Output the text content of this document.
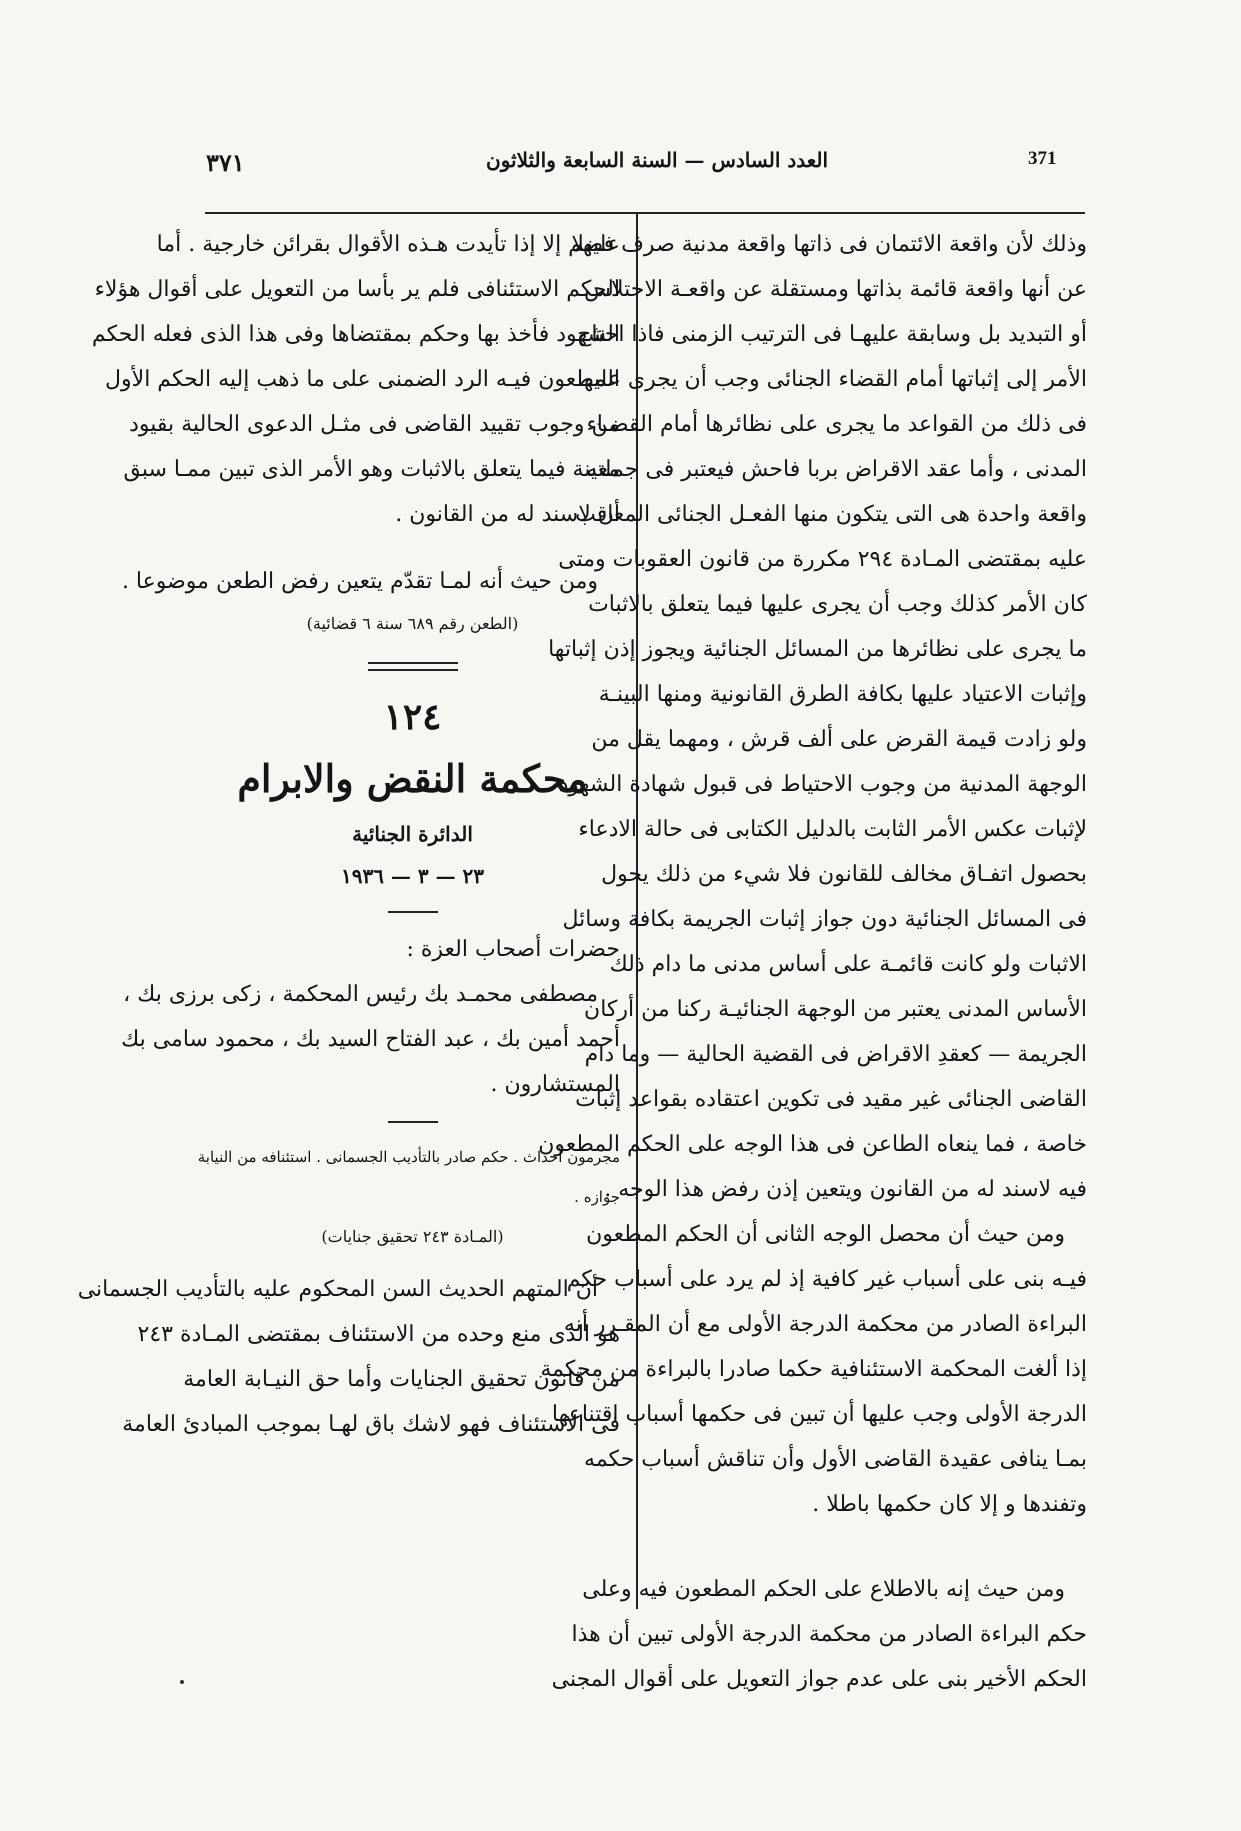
371
العدد السادس — السنة السابعة والثلاثون
٣٧١
وذلك لأن واقعة الائتمان فى ذاتها واقعة مدنية صرف فضلا
عن أنها واقعة قائمة بذاتها ومستقلة عن واقعـة الاختلاس
أو التبديد بل وسابقة عليهـا فى الترتيب الزمنى فاذا احتاج
الأمر إلى إثباتها أمام القضاء الجنائى وجب أن يجرى عليها
فى ذلك من القواعد ما يجرى على نظائرها أمام القضـاء
المدنى ، وأما عقد الاقراض بربا فاحش فيعتبر فى جملته
واقعة واحدة هى التى يتكون منها الفعـل الجنائى المعاقب
عليه بمقتضى المـادة ٢٩٤ مكررة من قانون العقوبات ومتى
كان الأمر كذلك وجب أن يجرى عليها فيما يتعلق بالاثبات
ما يجرى على نظائرها من المسائل الجنائية ويجوز إذن إثباتها
وإثبات الاعتياد عليها بكافة الطرق القانونية ومنها البينـة
ولو زادت قيمة القرض على ألف قرش ، ومهما يقل من
الوجهة المدنية من وجوب الاحتياط فى قبول شهادة الشهود
لإثبات عكس الأمر الثابت بالدليل الكتابى فى حالة الادعاء
بحصول اتفـاق مخالف للقانون فلا شيء من ذلك يحول
فى المسائل الجنائية دون جواز إثبات الجريمة بكافة وسائل
الاثبات ولو كانت قائمـة على أساس مدنى ما دام ذلك
الأساس المدنى يعتبر من الوجهة الجنائيـة ركنا من أركان
الجريمة — كعقدِ الاقراض فى القضية الحالية — وما دام
القاضى الجنائى غير مقيد فى تكوين اعتقاده بقواعد إثبات
خاصة ، فما ينعاه الطاعن فى هذا الوجه على الحكم المطعون
فيه لاسند له من القانون ويتعين إذن رفض هذا الوجه .
ومن حيث أن محصل الوجه الثانى أن الحكم المطعون
فيـه بنى على أسباب غير كافية إذ لم يرد على أسباب حكم
البراءة الصادر من محكمة الدرجة الأولى مع أن المقـرر أنه
إذا ألغت المحكمة الاستئنافية حكما صادرا بالبراءة من محكمة
الدرجة الأولى وجب عليها أن تبين فى حكمها أسباب اقتناعها
بمـا ينافى عقيدة القاضى الأول وأن تناقش أسباب حكمه
وتفندها و إلا كان حكمها باطلا .
ومن حيث إنه بالاطلاع على الحكم المطعون فيه وعلى
حكم البراءة الصادر من محكمة الدرجة الأولى تبين أن هذا
الحكم الأخير بنى على عدم جواز التعويل على أقوال المجنى
عليهم إلا إذا تأيدت هـذه الأقوال بقرائن خارجية . أما
الحكم الاستئنافى فلم ير بأسا من التعويل على أقوال هؤلاء
الشهود فأخذ بها وحكم بمقتضاها وفى هذا الذى فعله الحكم
المطعون فيـه الرد الضمنى على ما ذهب إليه الحكم الأول
من وجوب تقييد القاضى فى مثـل الدعوى الحالية بقيود
معينة فيما يتعلق بالاثبات وهو الأمر الذى تبين ممـا سبق
أن لاسند له من القانون .
ومن حيث أنه لمـا تقدّم يتعين رفض الطعن موضوعا .
(الطعن رقم ٦٨٩ سنة ٦ قضائية)
١٢٤
محكمة النقض والابرام
الدائرة الجنائية
٢٣ — ٣ — ١٩٣٦
حضرات أصحاب العزة :
مصطفى محمـد بك رئيس المحكمة ، زكى برزى بك ،
أحمد أمين بك ، عبد الفتاح السيد بك ، محمود سامى بك
المستشارون .
مجرمون أحداث . حكم صادر بالتأديب الجسمانى . استئنافه من النيابة
جوازه .
(المـادة ٢٤٣ تحقيق جنايات)
أن المتهم الحديث السن المحكوم عليه بالتأديب الجسمانى
هو الذى منع وحده من الاستئناف بمقتضى المـادة ٢٤٣
من قانون تحقيق الجنايات وأما حق النيـابة العامة
فى الاستئناف فهو لاشك باق لهـا بموجب المبادئ العامة
